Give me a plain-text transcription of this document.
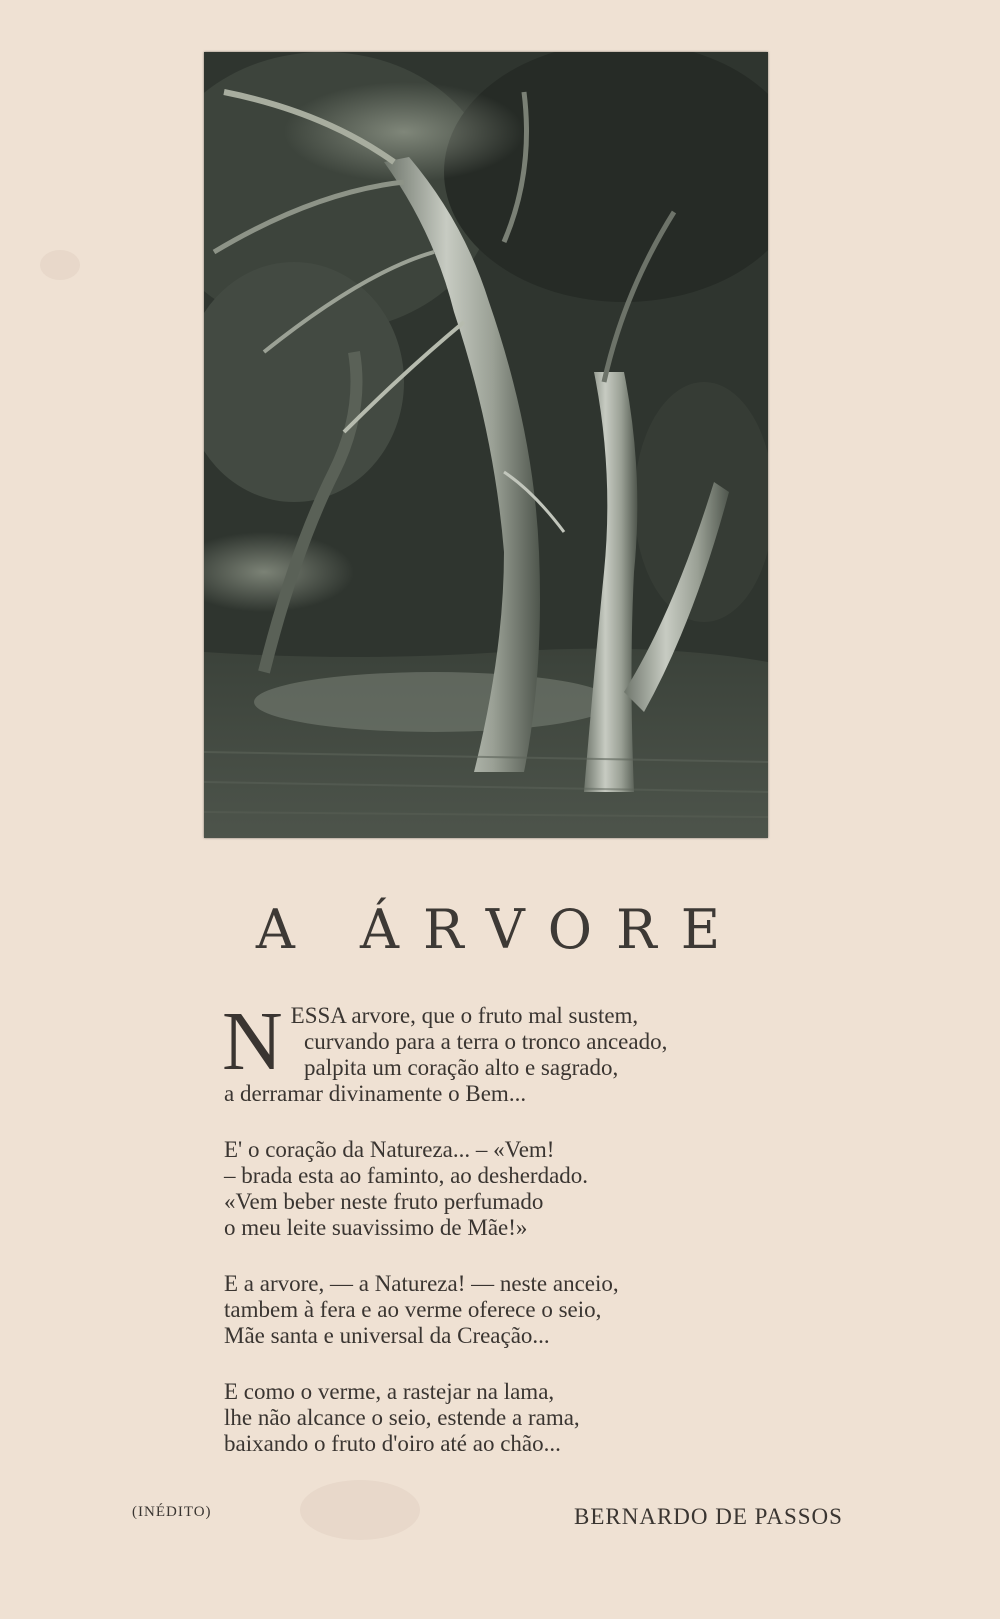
A ÁRVORE
N ESSA arvore, que o fruto mal sustem,
curvando para a terra o tronco anceado,
palpita um coração alto e sagrado,
a derramar divinamente o Bem...
E' o coração da Natureza... – «Vem!
– brada esta ao faminto, ao desherdado.
«Vem beber neste fruto perfumado
o meu leite suavissimo de Mãe!»
E a arvore, — a Natureza! — neste anceio,
tambem à fera e ao verme oferece o seio,
Mãe santa e universal da Creação...
E como o verme, a rastejar na lama,
lhe não alcance o seio, estende a rama,
baixando o fruto d'oiro até ao chão...
(INÉDITO)	BERNARDO DE PASSOS
